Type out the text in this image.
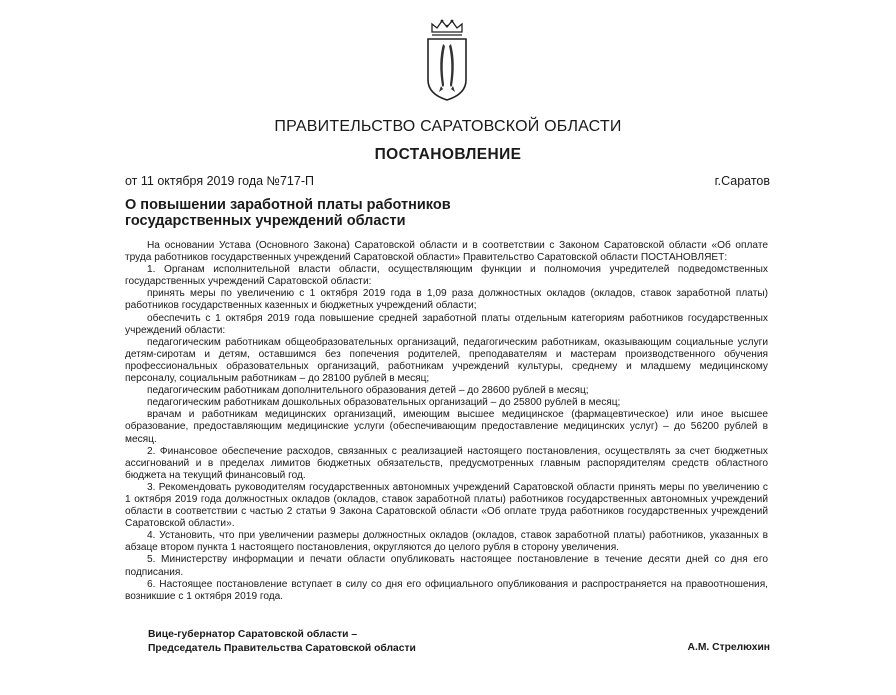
ПРАВИТЕЛЬСТВО САРАТОВСКОЙ ОБЛАСТИ
ПОСТАНОВЛЕНИЕ
от 11 октября 2019 года №717-П	г.Саратов
О повышении заработной платы работников
государственных учреждений области

На основании Устава (Основного Закона) Саратовской области и в соответствии с Законом Саратовской области «Об оплате труда работников государственных учреждений Саратовской области» Правительство Саратовской области ПОСТАНОВЛЯЕТ:

1. Органам исполнительной власти области, осуществляющим функции и полномочия учредителей подведомственных государственных учреждений Саратовской области:

принять меры по увеличению с 1 октября 2019 года в 1,09 раза должностных окладов (окладов, ставок заработной платы) работников государственных казенных и бюджетных учреждений области;

обеспечить с 1 октября 2019 года повышение средней заработной платы отдельным категориям работников государственных учреждений области:

педагогическим работникам общеобразовательных организаций, педагогическим работникам, оказывающим социальные услуги детям-сиротам и детям, оставшимся без попечения родителей, преподавателям и мастерам производственного обучения профессиональных образовательных организаций, работникам учреждений культуры, среднему и младшему медицинскому персоналу, социальным работникам – до 28100 рублей в месяц;

педагогическим работникам дополнительного образования детей – до 28600 рублей в месяц;

педагогическим работникам дошкольных образовательных организаций – до 25800 рублей в месяц;

врачам и работникам медицинских организаций, имеющим высшее медицинское (фармацевтическое) или иное высшее образование, предоставляющим медицинские услуги (обеспечивающим предоставление медицинских услуг) – до 56200 рублей в месяц.

2. Финансовое обеспечение расходов, связанных с реализацией настоящего постановления, осуществлять за счет бюджетных ассигнований и в пределах лимитов бюджетных обязательств, предусмотренных главным распорядителям средств областного бюджета на текущий финансовый год.

3. Рекомендовать руководителям государственных автономных учреждений Саратовской области принять меры по увеличению с 1 октября 2019 года должностных окладов (окладов, ставок заработной платы) работников государственных автономных учреждений области в соответствии с частью 2 статьи 9 Закона Саратовской области «Об оплате труда работников государственных учреждений Саратовской области».

4. Установить, что при увеличении размеры должностных окладов (окладов, ставок заработной платы) работников, указанных в абзаце втором пункта 1 настоящего постановления, округляются до целого рубля в сторону увеличения.

5. Министерству информации и печати области опубликовать настоящее постановление в течение десяти дней со дня его подписания.

6. Настоящее постановление вступает в силу со дня его официального опубликования и распространяется на правоотношения, возникшие с 1 октября 2019 года.

Вице-губернатор Саратовской области –
Председатель Правительства Саратовской области	А.М. Стрелюхин
